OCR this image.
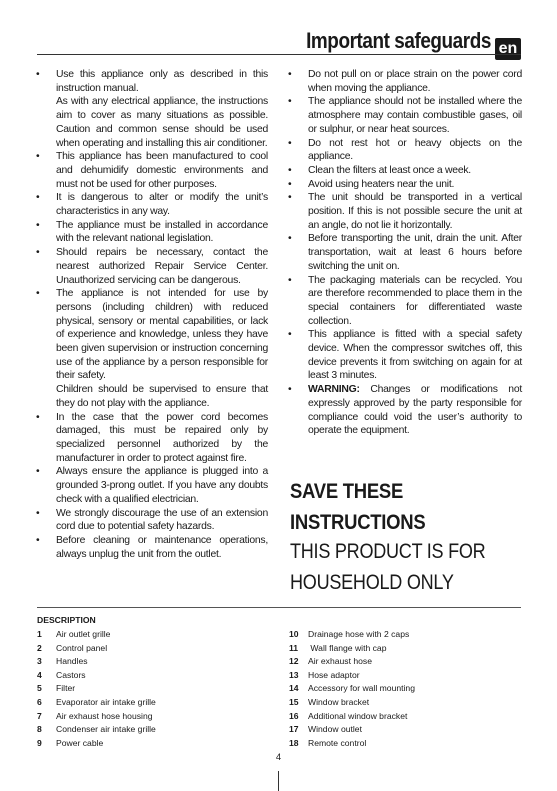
Important safeguards en
• Use this appliance only as described in this instruction manual.

As with any electrical appliance, the instructions aim to cover as many situations as possible. Caution and common sense should be used when operating and installing this air conditioner.

• This appliance has been manufactured to cool and dehumidify domestic environments and must not be used for other purposes.

• It is dangerous to alter or modify the unit’s characteristics in any way.

• The appliance must be installed in accordance with the relevant national legislation.

• Should repairs be necessary, contact the nearest authorized Repair Service Center. Unauthorized servicing can be dangerous.

• The appliance is not intended for use by persons (including children) with reduced physical, sensory or mental capabilities, or lack of experience and knowledge, unless they have been given supervision or instruction concerning use of the appliance by a person responsible for their safety.

Children should be supervised to ensure that they do not play with the appliance.

• In the case that the power cord becomes damaged, this must be repaired only by specialized personnel authorized by the manufacturer in order to protect against fire.

• Always ensure the appliance is plugged into a grounded 3-prong outlet. If you have any doubts check with a qualified electrician.

• We strongly discourage the use of an extension cord due to potential safety hazards.

• Before cleaning or maintenance operations, always unplug the unit from the outlet.

• Do not pull on or place strain on the power cord when moving the appliance.

• The appliance should not be installed where the atmosphere may contain combustible gases, oil or sulphur, or near heat sources.

• Do not rest hot or heavy objects on the appliance.

• Clean the filters at least once a week.

• Avoid using heaters near the unit.

• The unit should be transported in a vertical position. If this is not possible secure the unit at an angle, do not lie it horizontally.

• Before transporting the unit, drain the unit. After transportation, wait at least 6 hours before switching the unit on.

• The packaging materials can be recycled. You are therefore recommended to place them in the special containers for differentiated waste collection.

• This appliance is fitted with a special safety device. When the compressor switches off, this device prevents it from switching on again for at least 3 minutes.

• WARNING: Changes or modifications not expressly approved by the party responsible for compliance could void the user’s authority to operate the equipment.

SAVE THESE
INSTRUCTIONS
THIS PRODUCT IS FOR
HOUSEHOLD ONLY
DESCRIPTION
1 Air outlet grille
2 Control panel
3 Handles
4 Castors
5 Filter
6 Evaporator air intake grille
7 Air exhaust hose housing
8 Condenser air intake grille
9 Power cable
10 Drainage hose with 2 caps
11 Wall flange with cap
12 Air exhaust hose
13 Hose adaptor
14 Accessory for wall mounting
15 Window bracket
16 Additional window bracket
17 Window outlet
18 Remote control
4
